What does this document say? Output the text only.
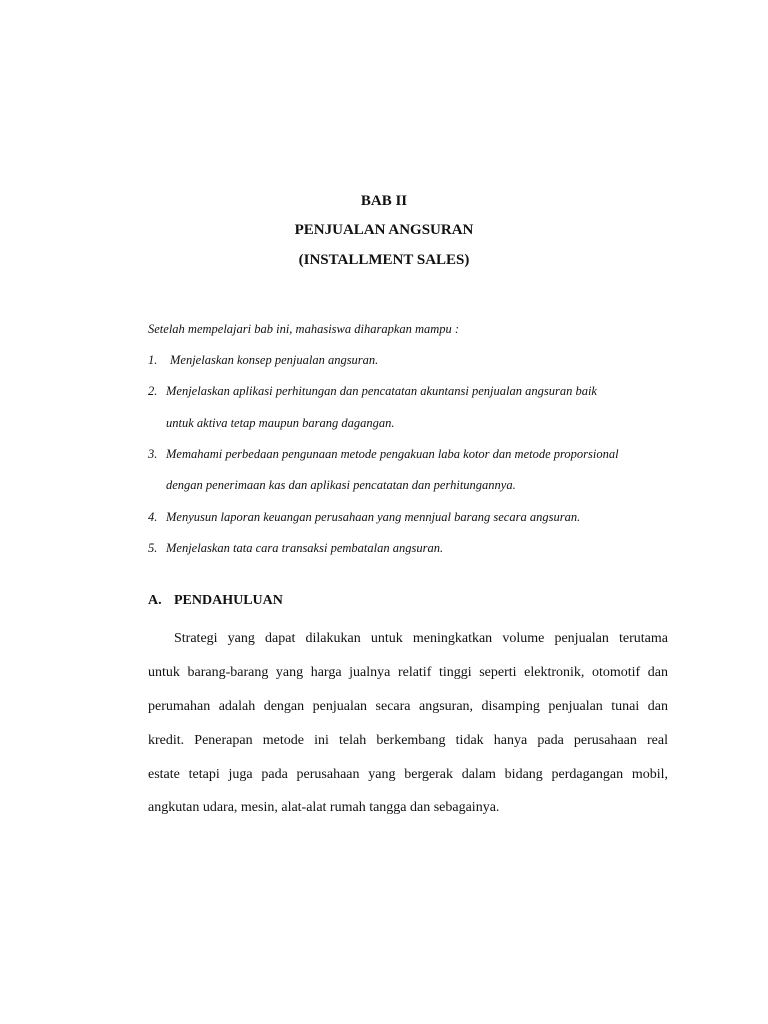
BAB II
PENJUALAN ANGSURAN
(INSTALLMENT SALES)
Setelah mempelajari bab ini, mahasiswa diharapkan mampu :
1. Menjelaskan konsep penjualan angsuran.
2. Menjelaskan aplikasi perhitungan dan pencatatan akuntansi penjualan angsuran baik
untuk aktiva tetap maupun barang dagangan.
3. Memahami perbedaan pengunaan metode pengakuan laba kotor dan metode proporsional
dengan penerimaan kas dan aplikasi pencatatan dan perhitungannya.
4. Menyusun laporan keuangan perusahaan yang mennjual barang secara angsuran.
5. Menjelaskan tata cara transaksi pembatalan angsuran.
A. PENDAHULUAN
Strategi yang dapat dilakukan untuk meningkatkan volume penjualan terutama
untuk barang-barang yang harga jualnya relatif tinggi seperti elektronik, otomotif dan
perumahan adalah dengan penjualan secara angsuran, disamping penjualan tunai dan
kredit. Penerapan metode ini telah berkembang tidak hanya pada perusahaan real
estate tetapi juga pada perusahaan yang bergerak dalam bidang perdagangan mobil,
angkutan udara, mesin, alat-alat rumah tangga dan sebagainya.
